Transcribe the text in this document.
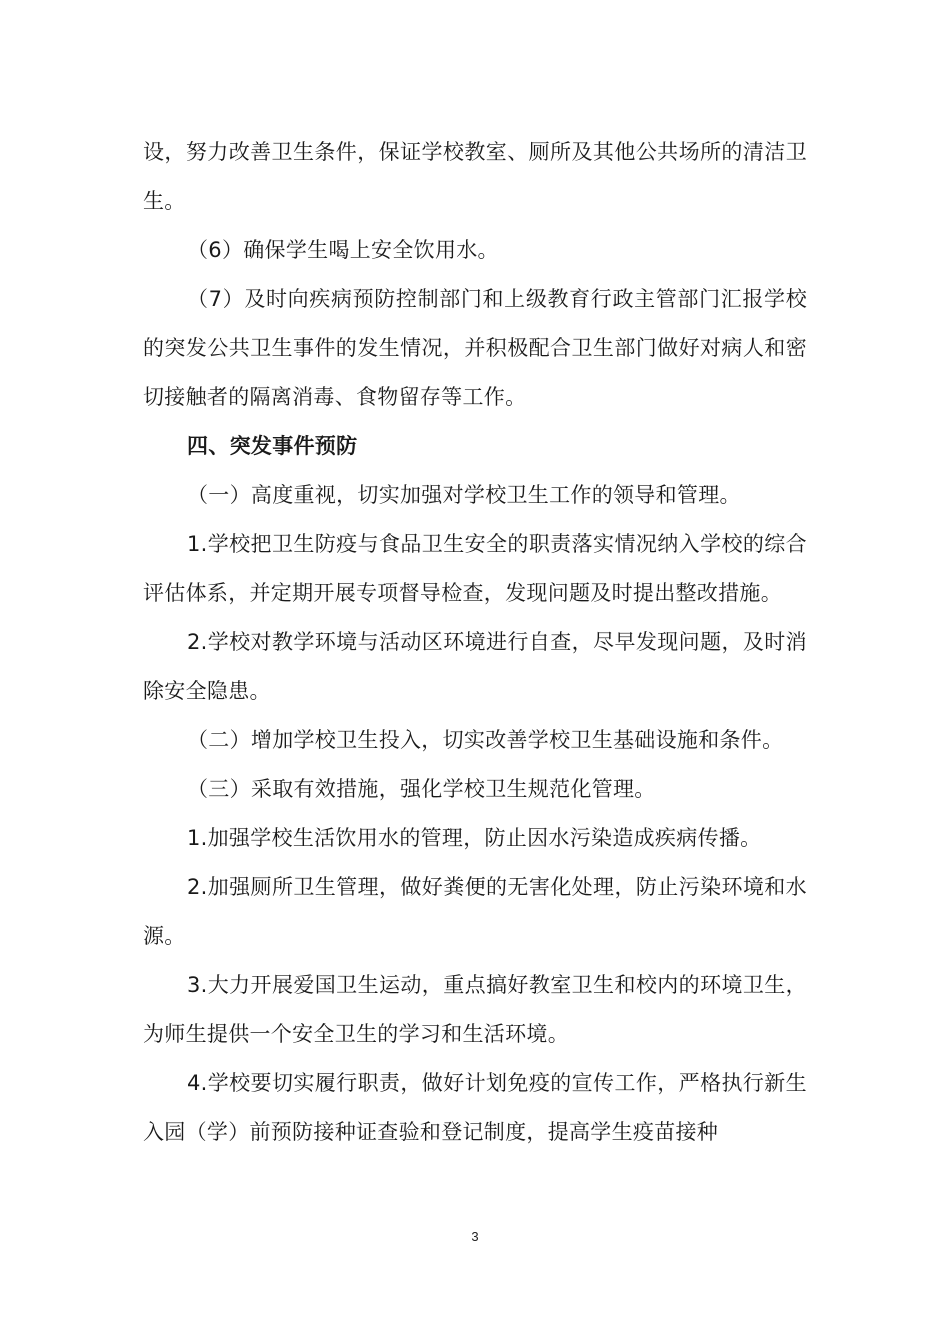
设，努力改善卫生条件，保证学校教室、厕所及其他公共场所的清洁卫生。

（6）确保学生喝上安全饮用水。

（7）及时向疾病预防控制部门和上级教育行政主管部门汇报学校的突发公共卫生事件的发生情况，并积极配合卫生部门做好对病人和密切接触者的隔离消毒、食物留存等工作。

四、突发事件预防

（一）高度重视，切实加强对学校卫生工作的领导和管理。

1.学校把卫生防疫与食品卫生安全的职责落实情况纳入学校的综合评估体系，并定期开展专项督导检查，发现问题及时提出整改措施。

2.学校对教学环境与活动区环境进行自查，尽早发现问题，及时消除安全隐患。

（二）增加学校卫生投入，切实改善学校卫生基础设施和条件。

（三）采取有效措施，强化学校卫生规范化管理。

1.加强学校生活饮用水的管理，防止因水污染造成疾病传播。

2.加强厕所卫生管理，做好粪便的无害化处理，防止污染环境和水源。

3.大力开展爱国卫生运动，重点搞好教室卫生和校内的环境卫生，为师生提供一个安全卫生的学习和生活环境。

4.学校要切实履行职责，做好计划免疫的宣传工作，严格执行新生入园（学）前预防接种证查验和登记制度，提高学生疫苗接种

3
